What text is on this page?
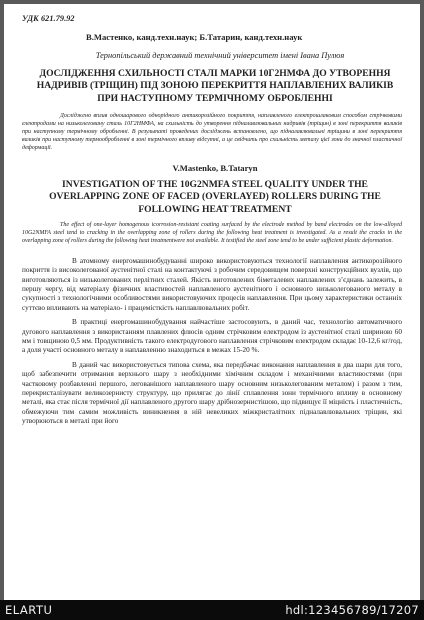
УДК 621.79.92
В.Мастенко, канд.техн.наук; Б.Татарин, канд.техн.наук
Тернопільський державний технічний університет імені Івана Пулюя
ДОСЛІДЖЕННЯ СХИЛЬНОСТІ СТАЛІ МАРКИ 10Г2НМФА ДО УТВОРЕННЯ НАДРИВІВ (ТРІЩИН) ПІД ЗОНОЮ ПЕРЕКРИТТЯ НАПЛАВЛЕНИХ ВАЛИКІВ ПРИ НАСТУПНОМУ ТЕРМІЧНОМУ ОБРОБЛЕННІ
Досліджено вплив одношарового однорідного антикорозійного покриття, наплавленого електрошлаковим способом стрічковими електродами на низьколеговану сталь 10Г2НМФА, на схильність до утворення підналавлювальних надривів (тріщин) в зоні перекриття валиків при наступному термічному обробленні. В результаті проведених досліджень встановлено, що підналавлювальні тріщини в зоні перекриття валиків при наступному термообробленні в зоні термічного впливу відсутні, а це свідчить про схильність металу цієї зони до значної пластичної деформації.
V.Mastenko, B.Tataryn
INVESTIGATION OF THE 10G2NMFA STEEL QUALITY UNDER THE OVERLAPPING ZONE OF FACED (OVERLAYED) ROLLERS DURING THE FOLLOWING HEAT TREATMENT
The effect of one-layer homogenous icorrosion-resistant coating surfaced by the electrode method by band electrodes on the low-alloyed 10G2NMFA steel tend to cracking in the overlapping zone of rollers during the following heat treatment is investigated. As a result the cracks in the overlapping zone of rollers during the following heat treatmentwere not available. It testified the steel zone tend to be under sufficient plastic deformation.
В атомному енергомашинобудуванні широко використовуються технології наплавлення антикорозійного покриття із високолегованої аустенітної сталі на контактуючі з робочим середовищем поверхні конструкційних вузлів, що виготовляються із низьколегованих перлітних сталей. Якість виготовлених біметалевих наплавлених з’єднань залежить, в першу чергу, від матеріалу фізичних властивостей наплавленого аустенітного і основного низьколегованого металу в сукупності з технологічними особливостями використовуючих процесів наплавлення. При цьому характеристики останніх суттєво впливають на матеріало- і працемісткість наплавлювальних робіт.
В практиці енергомашинобудування найчастіше застосовують, в даний час, технологію автоматичного дугового наплавлення з використанням плавлених флюсів одним стрічковим електродом із аустенітної сталі шириною 60 мм і товщиною 0,5 мм. Продуктивність такого електродугового наплавлення стрічковим електродом складає 10-12,6 кг/год, а доля участі основного металу в наплавленню знаходиться в межах 15-20 %.
В даний час використовується типова схема, яка передбачає виконання наплавлення в два шари для того, щоб забезпечити отримання верхнього шару з необхідними хімічним складом і механічними властивостями (при частковому розбавленні першого, легованішого наплавленого шару основним низьколегованим металом) і разом з тим, перекристалізувати великозернисту структуру, що прилягає до лінії сплавлення зони термічного впливу в основному металі, яка стає після термічної дії наплавленого другого шару дрібнозернистішою, що підвищує її міцність і пластичність, обмежуючи тим самим можливість виникнення в ній невеликих міжкристалітних підналавлювальних тріщин, які утворюються в металі при його
ELARTU	hdl:123456789/17207
